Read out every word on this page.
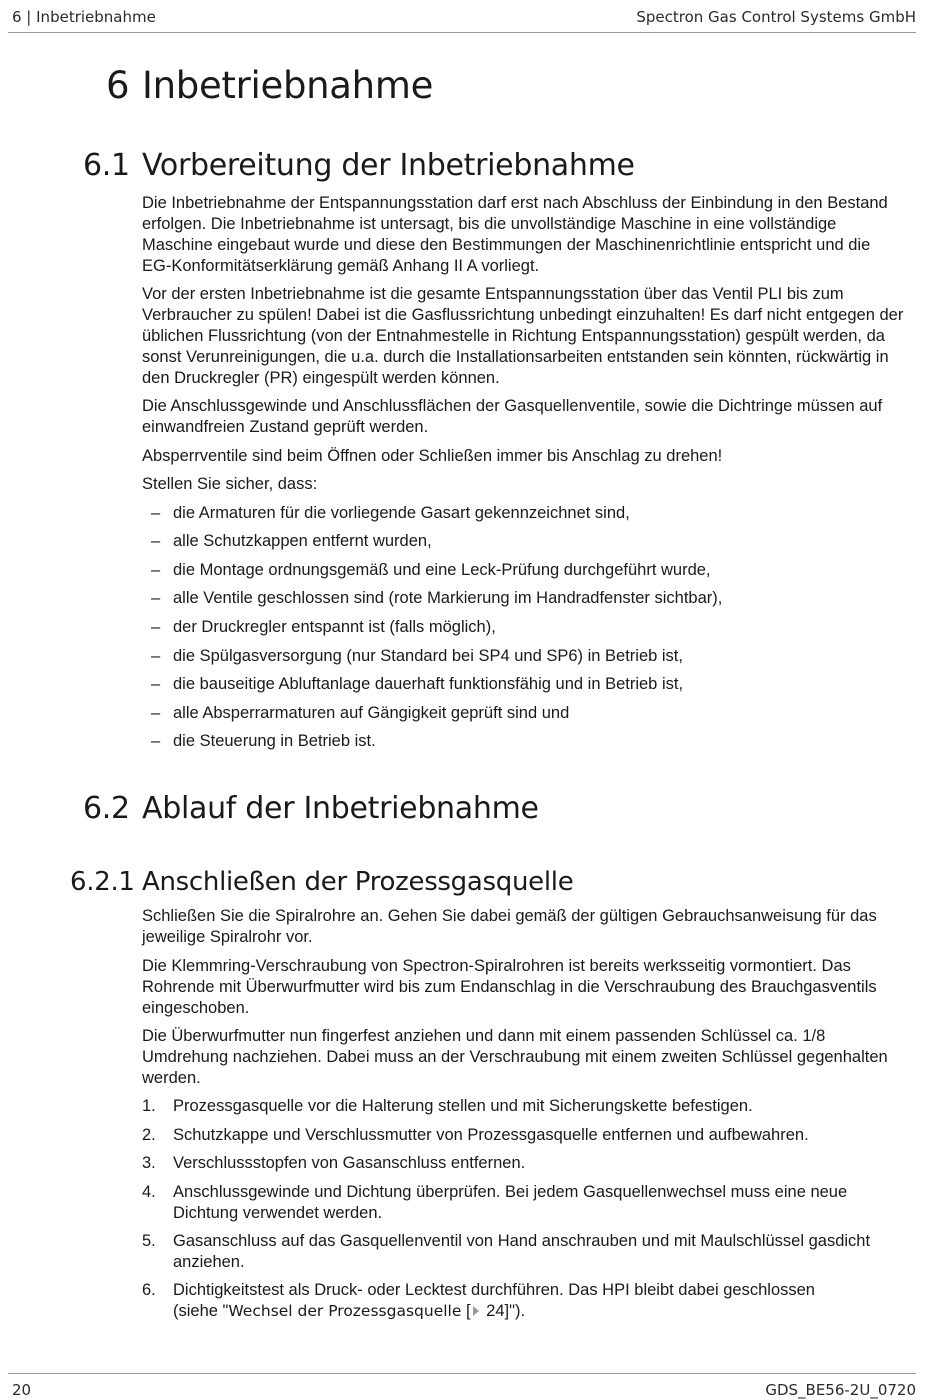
6 | Inbetriebnahme	Spectron Gas Control Systems GmbH
6 Inbetriebnahme
6.1 Vorbereitung der Inbetriebnahme

Die Inbetriebnahme der Entspannungsstation darf erst nach Abschluss der Einbindung in den Bestand erfolgen. Die Inbetriebnahme ist untersagt, bis die unvollständige Maschine in eine vollständige Maschine eingebaut wurde und diese den Bestimmungen der Maschinenrichtlinie entspricht und die EG-Konformitätserklärung gemäß Anhang II A vorliegt.

Vor der ersten Inbetriebnahme ist die gesamte Entspannungsstation über das Ventil PLI bis zum Verbraucher zu spülen! Dabei ist die Gasflussrichtung unbedingt einzuhalten! Es darf nicht entgegen der üblichen Flussrichtung (von der Entnahmestelle in Richtung Entspannungsstation) gespült werden, da sonst Verunreinigungen, die u.a. durch die Installationsarbeiten entstanden sein könnten, rückwärtig in den Druckregler (PR) eingespült werden können.

Die Anschlussgewinde und Anschlussflächen der Gasquellenventile, sowie die Dichtringe müssen auf einwandfreien Zustand geprüft werden.

Absperrventile sind beim Öffnen oder Schließen immer bis Anschlag zu drehen!

Stellen Sie sicher, dass:

– die Armaturen für die vorliegende Gasart gekennzeichnet sind,
– alle Schutzkappen entfernt wurden,
– die Montage ordnungsgemäß und eine Leck-Prüfung durchgeführt wurde,
– alle Ventile geschlossen sind (rote Markierung im Handradfenster sichtbar),
– der Druckregler entspannt ist (falls möglich),
– die Spülgasversorgung (nur Standard bei SP4 und SP6) in Betrieb ist,
– die bauseitige Abluftanlage dauerhaft funktionsfähig und in Betrieb ist,
– alle Absperrarmaturen auf Gängigkeit geprüft sind und
– die Steuerung in Betrieb ist.
6.2 Ablauf der Inbetriebnahme
6.2.1 Anschließen der Prozessgasquelle

Schließen Sie die Spiralrohre an. Gehen Sie dabei gemäß der gültigen Gebrauchsanweisung für das jeweilige Spiralrohr vor.

Die Klemmring-Verschraubung von Spectron-Spiralrohren ist bereits werksseitig vormontiert. Das Rohrende mit Überwurfmutter wird bis zum Endanschlag in die Verschraubung des Brauchgasventils eingeschoben.

Die Überwurfmutter nun fingerfest anziehen und dann mit einem passenden Schlüssel ca. 1/8 Umdrehung nachziehen. Dabei muss an der Verschraubung mit einem zweiten Schlüssel gegenhalten werden.

1. Prozessgasquelle vor die Halterung stellen und mit Sicherungskette befestigen.
2. Schutzkappe und Verschlussmutter von Prozessgasquelle entfernen und aufbewahren.
3. Verschlussstopfen von Gasanschluss entfernen.
4. Anschlussgewinde und Dichtung überprüfen. Bei jedem Gasquellenwechsel muss eine neue Dichtung verwendet werden.
5. Gasanschluss auf das Gasquellenventil von Hand anschrauben und mit Maulschlüssel gasdicht anziehen.
6. Dichtigkeitstest als Druck- oder Lecktest durchführen. Das HPI bleibt dabei geschlossen
(siehe "Wechsel der Prozessgasquelle [ 24]").
20	GDS_BE56-2U_0720
